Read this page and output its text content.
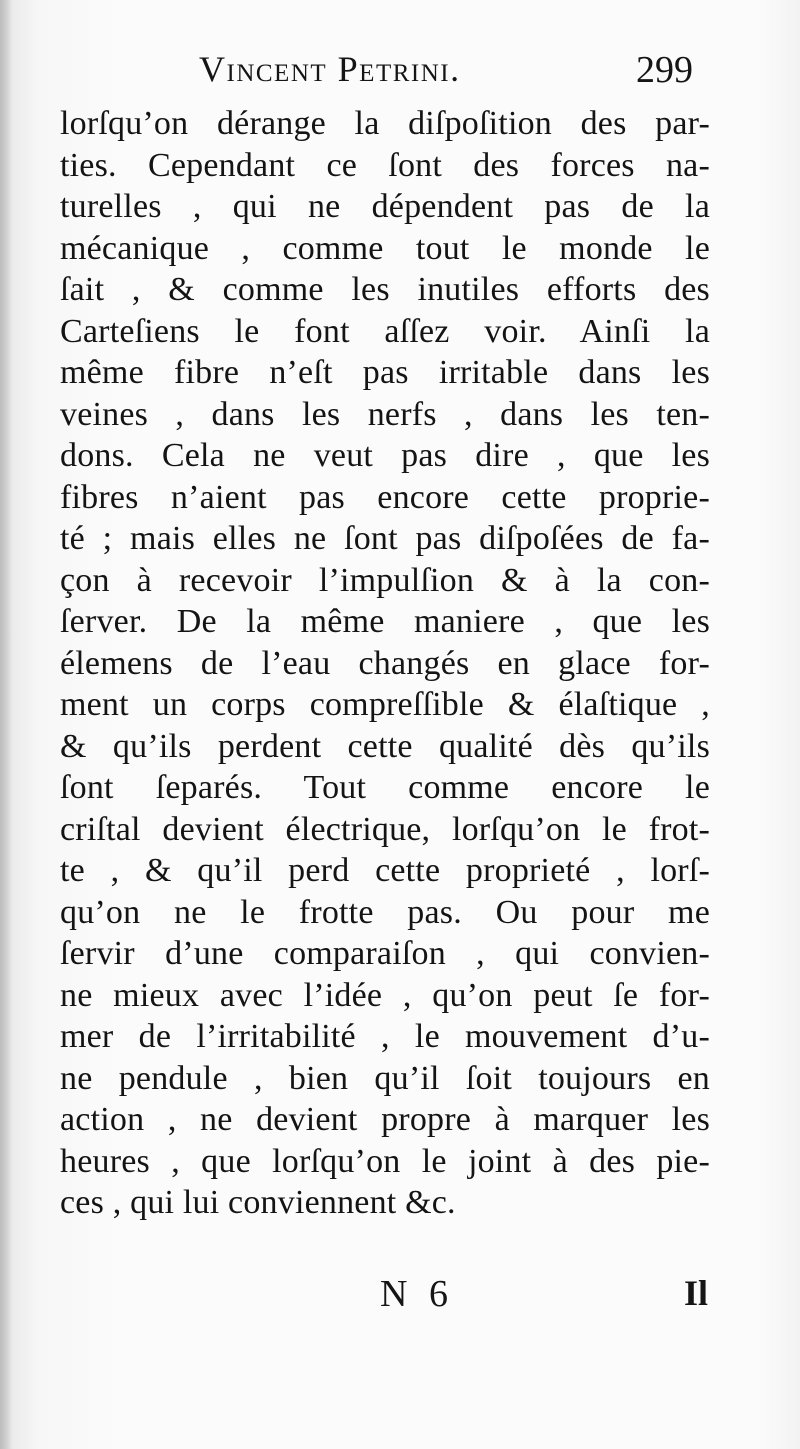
Vincent Petrini.	299
lorſqu’on dérange la diſpoſition des par-
ties. Cependant ce ſont des forces na-
turelles , qui ne dépendent pas de la
mécanique , comme tout le monde le
ſait , & comme les inutiles efforts des
Carteſiens le font aſſez voir. Ainſi la
même fibre n’eſt pas irritable dans les
veines , dans les nerfs , dans les ten-
dons. Cela ne veut pas dire , que les
fibres n’aient pas encore cette proprie-
té ; mais elles ne ſont pas diſpoſées de fa-
çon à recevoir l’impulſion & à la con-
ſerver. De la même maniere , que les
élemens de l’eau changés en glace for-
ment un corps compreſſible & élaſtique ,
& qu’ils perdent cette qualité dès qu’ils
ſont ſeparés. Tout comme encore le
criſtal devient électrique, lorſqu’on le frot-
te , & qu’il perd cette proprieté , lorſ-
qu’on ne le frotte pas. Ou pour me
ſervir d’une comparaiſon , qui convien-
ne mieux avec l’idée , qu’on peut ſe for-
mer de l’irritabilité , le mouvement d’u-
ne pendule , bien qu’il ſoit toujours en
action , ne devient propre à marquer les
heures , que lorſqu’on le joint à des pie-
ces , qui lui conviennent &c.
N 6	Il
